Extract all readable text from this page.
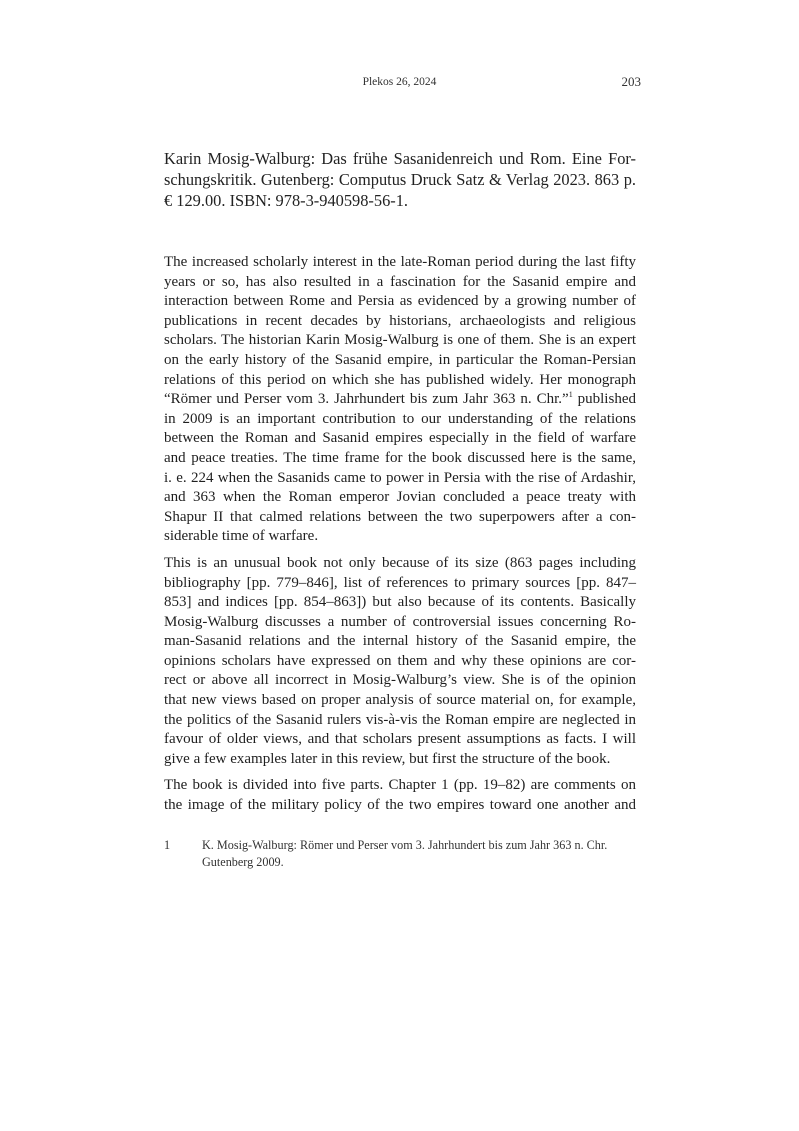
Plekos 26, 2024	203
Karin Mosig-Walburg: Das frühe Sasanidenreich und Rom. Eine For-
schungskritik. Gutenberg: Computus Druck Satz & Verlag 2023. 863 p.
€ 129.00. ISBN: 978-3-940598-56-1.

The increased scholarly interest in the late-Roman period during the last fifty
years or so, has also resulted in a fascination for the Sasanid empire and
interaction between Rome and Persia as evidenced by a growing number of
publications in recent decades by historians, archaeologists and religious
scholars. The historian Karin Mosig-Walburg is one of them. She is an expert
on the early history of the Sasanid empire, in particular the Roman-Persian
relations of this period on which she has published widely. Her monograph
“Römer und Perser vom 3. Jahrhundert bis zum Jahr 363 n. Chr.”$^1$ published
in 2009 is an important contribution to our understanding of the relations
between the Roman and Sasanid empires especially in the field of warfare
and peace treaties. The time frame for the book discussed here is the same,
i. e. 224 when the Sasanids came to power in Persia with the rise of Ardashir,
and 363 when the Roman emperor Jovian concluded a peace treaty with
Shapur II that calmed relations between the two superpowers after a con-
siderable time of warfare.

This is an unusual book not only because of its size (863 pages including
bibliography [pp. 779–846], list of references to primary sources [pp. 847–
853] and indices [pp. 854–863]) but also because of its contents. Basically
Mosig-Walburg discusses a number of controversial issues concerning Ro-
man-Sasanid relations and the internal history of the Sasanid empire, the
opinions scholars have expressed on them and why these opinions are cor-
rect or above all incorrect in Mosig-Walburg’s view. She is of the opinion
that new views based on proper analysis of source material on, for example,
the politics of the Sasanid rulers vis-à-vis the Roman empire are neglected in
favour of older views, and that scholars present assumptions as facts. I will
give a few examples later in this review, but first the structure of the book.

The book is divided into five parts. Chapter 1 (pp. 19–82) are comments on
the image of the military policy of the two empires toward one another and

1	K. Mosig-Walburg: Römer und Perser vom 3. Jahrhundert bis zum Jahr 363 n. Chr.
Gutenberg 2009.
